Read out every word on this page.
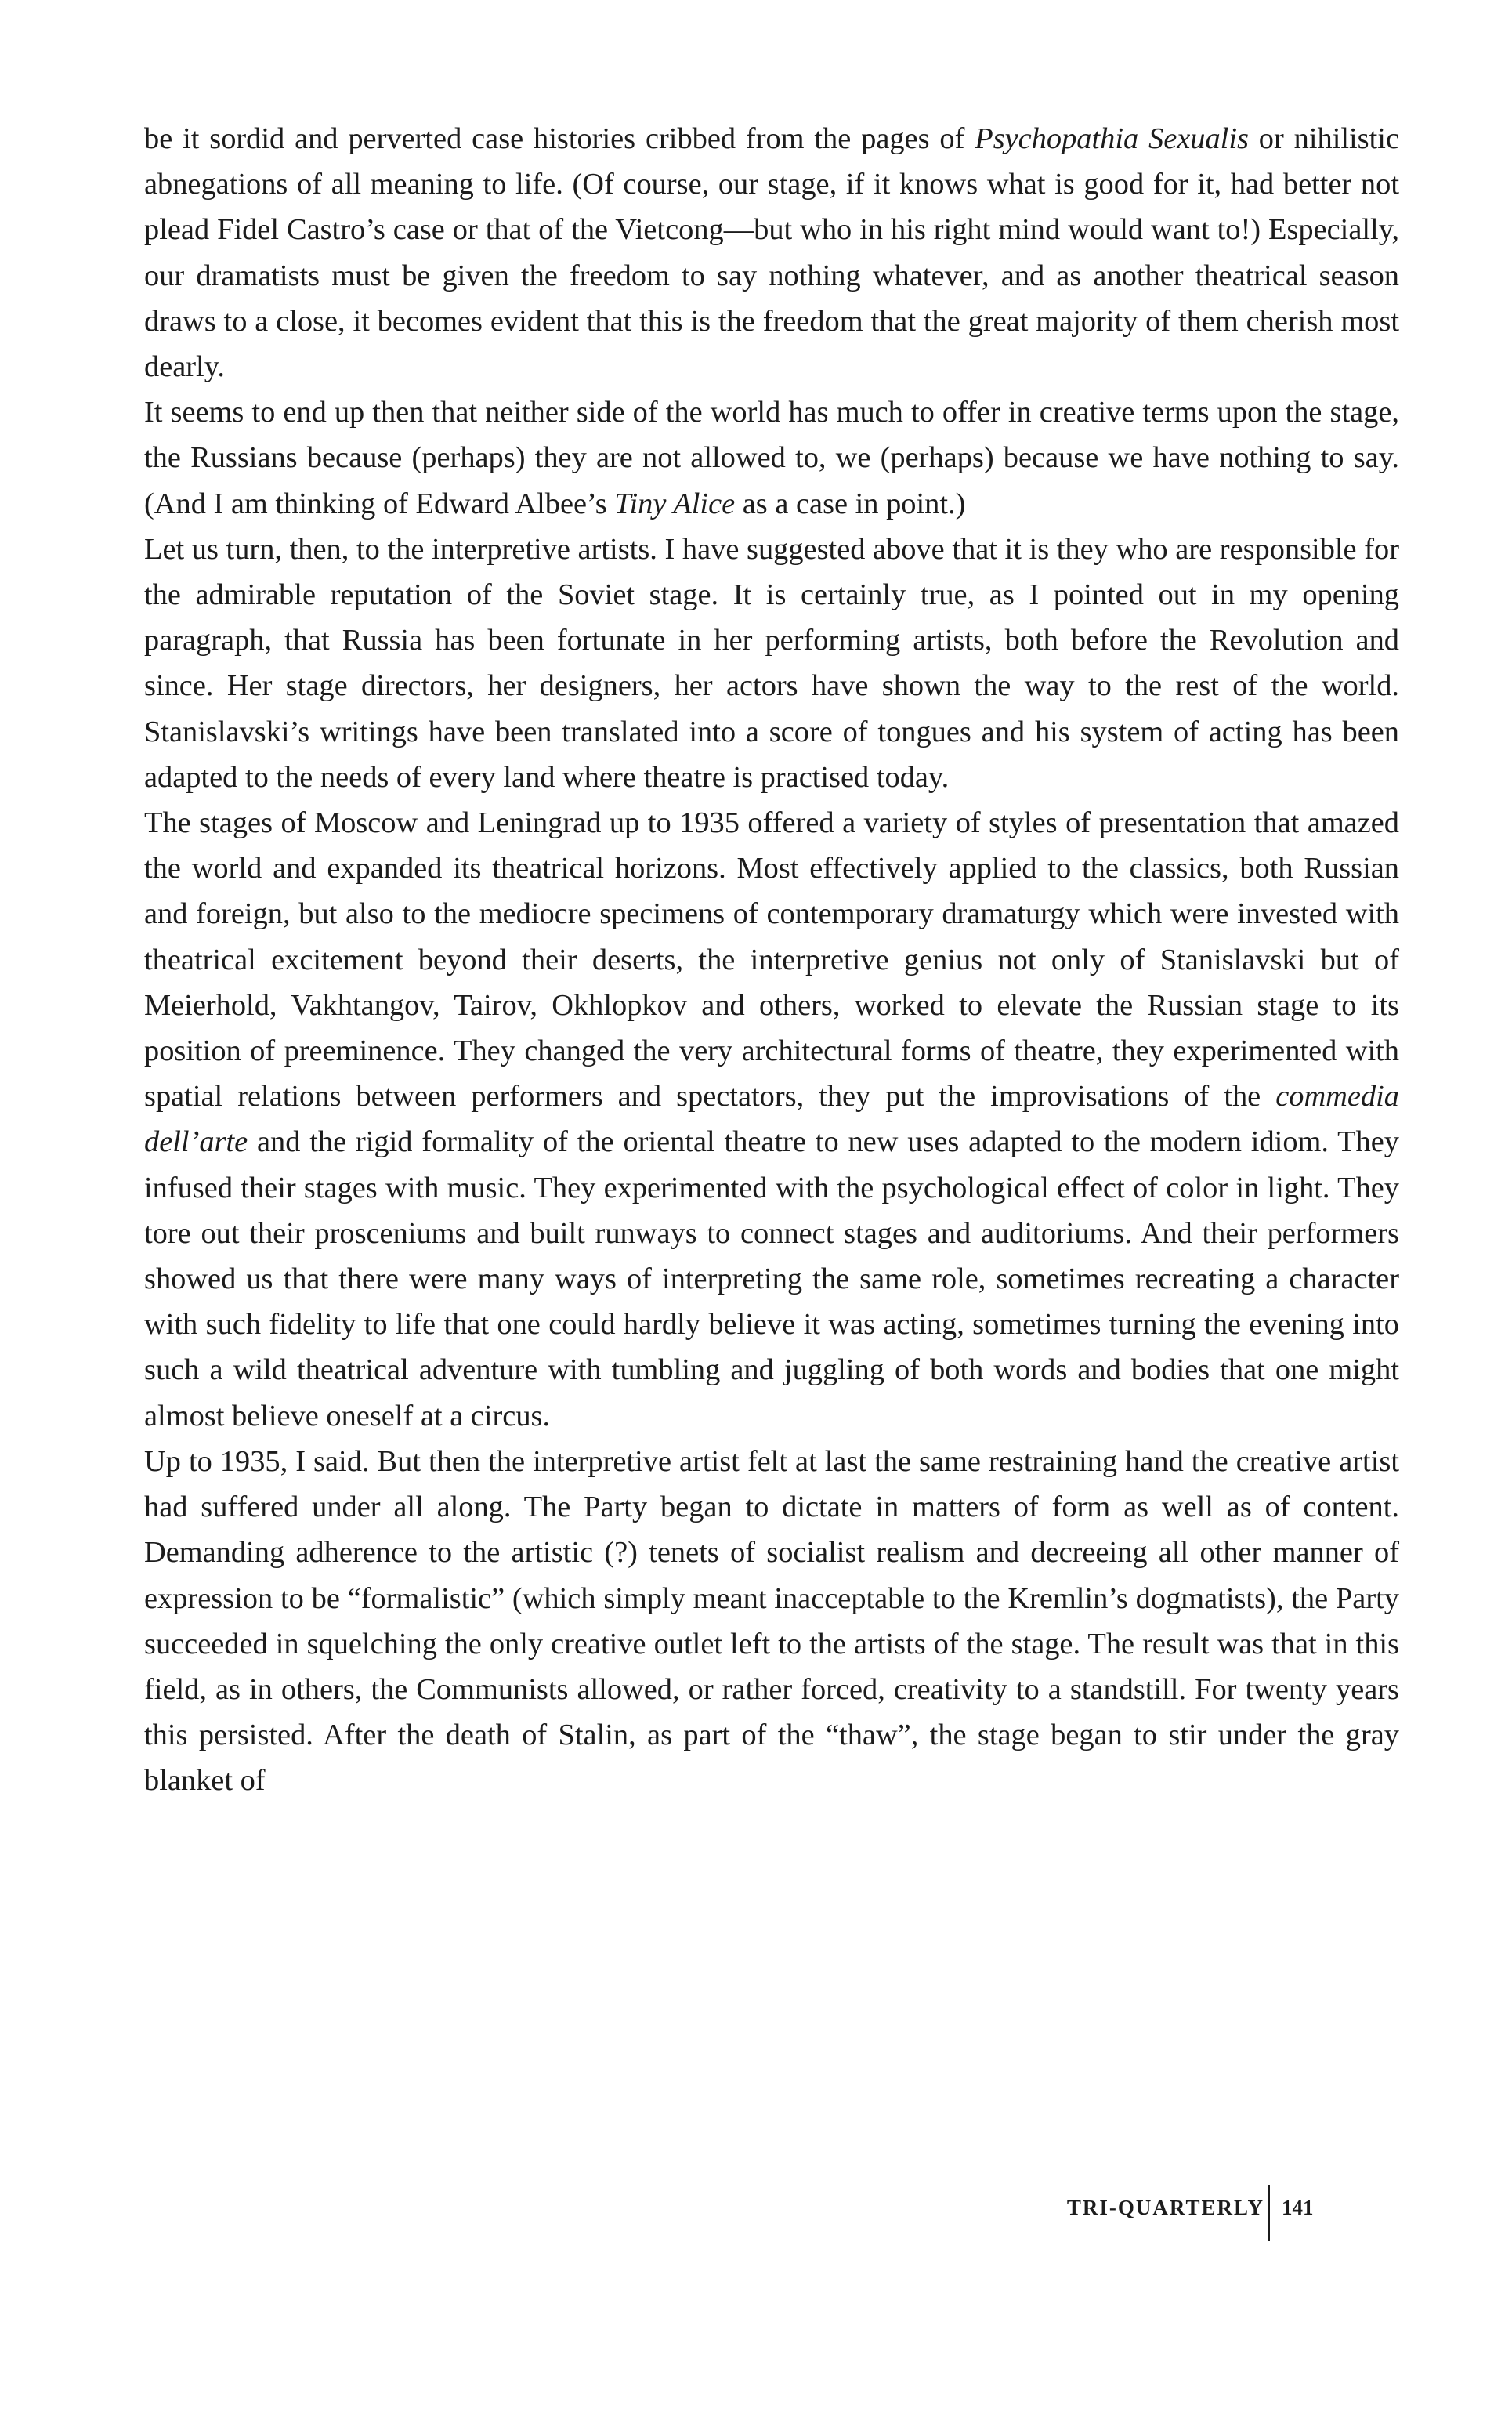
be it sordid and perverted case histories cribbed from the pages of Psychopathia Sexualis or nihilistic abnegations of all meaning to life. (Of course, our stage, if it knows what is good for it, had better not plead Fidel Castro’s case or that of the Vietcong—but who in his right mind would want to!) Especially, our dramatists must be given the freedom to say nothing whatever, and as another theatrical season draws to a close, it becomes evident that this is the freedom that the great majority of them cherish most dearly.

It seems to end up then that neither side of the world has much to offer in creative terms upon the stage, the Russians because (perhaps) they are not allowed to, we (perhaps) because we have nothing to say. (And I am thinking of Edward Albee’s Tiny Alice as a case in point.)

Let us turn, then, to the interpretive artists. I have suggested above that it is they who are responsible for the admirable reputation of the Soviet stage. It is certainly true, as I pointed out in my opening paragraph, that Russia has been fortunate in her performing artists, both before the Revolution and since. Her stage directors, her designers, her actors have shown the way to the rest of the world. Stanislavski’s writings have been translated into a score of tongues and his system of acting has been adapted to the needs of every land where theatre is practised today.

The stages of Moscow and Leningrad up to 1935 offered a variety of styles of presentation that amazed the world and expanded its theatrical horizons. Most effectively applied to the classics, both Russian and foreign, but also to the mediocre specimens of contemporary dramaturgy which were invested with theatrical excitement beyond their deserts, the interpretive genius not only of Stanislavski but of Meierhold, Vakhtangov, Tairov, Okhlopkov and others, worked to elevate the Russian stage to its position of preeminence. They changed the very architectural forms of theatre, they experimented with spatial relations between performers and spectators, they put the improvisations of the commedia dell’arte and the rigid formality of the oriental theatre to new uses adapted to the modern idiom. They infused their stages with music. They experimented with the psychological effect of color in light. They tore out their prosceniums and built runways to connect stages and auditoriums. And their performers showed us that there were many ways of interpreting the same role, sometimes recreating a character with such fidelity to life that one could hardly believe it was acting, sometimes turning the evening into such a wild theatrical adventure with tumbling and juggling of both words and bodies that one might almost believe oneself at a circus.

Up to 1935, I said. But then the interpretive artist felt at last the same restraining hand the creative artist had suffered under all along. The Party began to dictate in matters of form as well as of content. Demanding adherence to the artistic (?) tenets of socialist realism and decreeing all other manner of expression to be “formalistic” (which simply meant inacceptable to the Kremlin’s dogmatists), the Party succeeded in squelching the only creative outlet left to the artists of the stage. The result was that in this field, as in others, the Communists allowed, or rather forced, creativity to a standstill. For twenty years this persisted. After the death of Stalin, as part of the “thaw”, the stage began to stir under the gray blanket of

TRI-QUARTERLY 141
